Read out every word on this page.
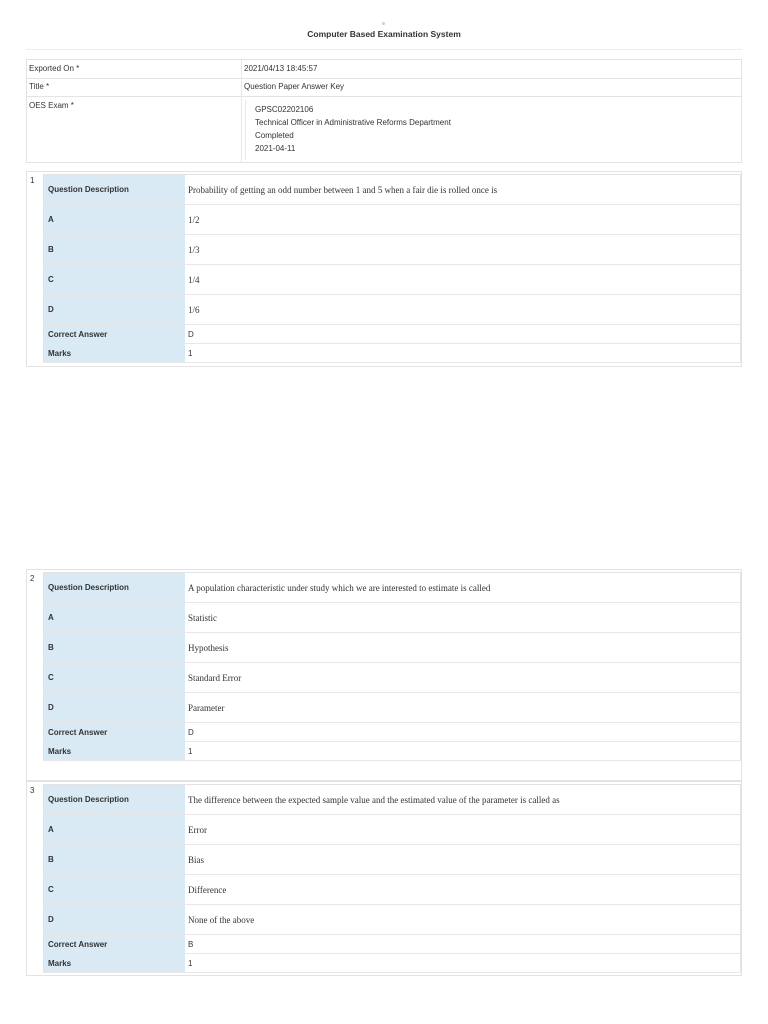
Computer Based Examination System
Exported On *	2021/04/13 18:45:57
Title *	Question Paper Answer Key
OES Exam *	GPSC02202106
Technical Officer in Administrative Reforms Department
Completed
2021-04-11
1
Question Description	Probability of getting an odd number between 1 and 5 when a fair die is rolled once is
A	1/2
B	1/3
C	1/4
D	1/6
Correct Answer	D
Marks	1
2
Question Description	A population characteristic under study which we are interested to estimate is called
A	Statistic
B	Hypothesis
C	Standard Error
D	Parameter
Correct Answer	D
Marks	1
3
Question Description	The difference between the expected sample value and the estimated value of the parameter is called as
A	Error
B	Bias
C	Difference
D	None of the above
Correct Answer	B
Marks	1
